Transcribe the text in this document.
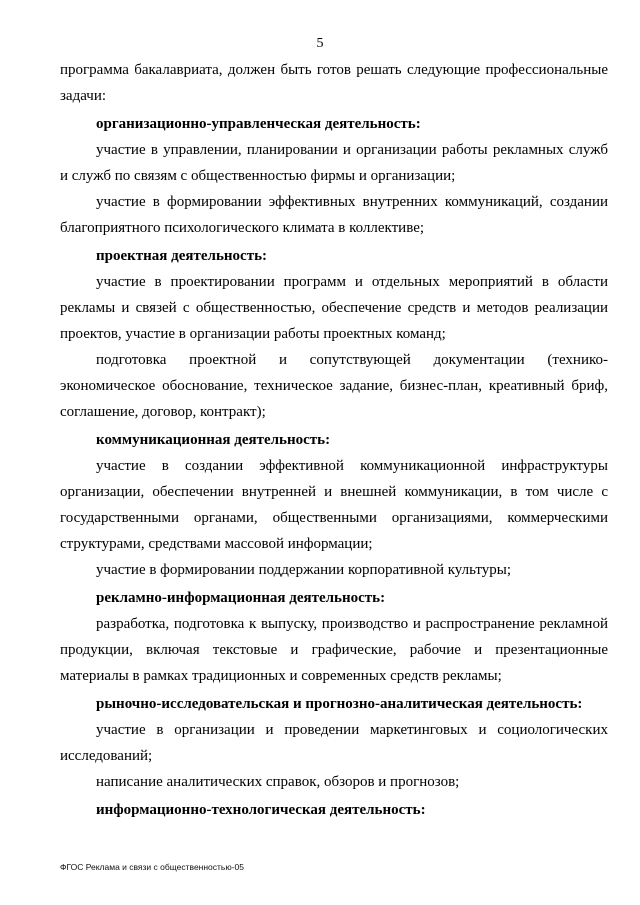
5

программа бакалавриата, должен быть готов решать следующие профессиональные задачи:

организационно-управленческая деятельность:

участие в управлении, планировании и организации работы рекламных служб и служб по связям с общественностью фирмы и организации;

участие в формировании эффективных внутренних коммуникаций, создании благоприятного психологического климата в коллективе;

проектная деятельность:

участие в проектировании программ и отдельных мероприятий в области рекламы и связей с общественностью, обеспечение средств и методов реализации проектов, участие в организации работы проектных команд;

подготовка проектной и сопутствующей документации (технико-экономическое обоснование, техническое задание, бизнес-план, креативный бриф, соглашение, договор, контракт);

коммуникационная деятельность:

участие в создании эффективной коммуникационной инфраструктуры организации, обеспечении внутренней и внешней коммуникации, в том числе с государственными органами, общественными организациями, коммерческими структурами, средствами массовой информации;

участие в формировании поддержании корпоративной культуры;

рекламно-информационная деятельность:

разработка, подготовка к выпуску, производство и распространение рекламной продукции, включая текстовые и графические, рабочие и презентационные материалы в рамках традиционных и современных средств рекламы;

рыночно-исследовательская и прогнозно-аналитическая деятельность:

участие в организации и проведении маркетинговых и социологических исследований;

написание аналитических справок, обзоров и прогнозов;

информационно-технологическая деятельность:

ФГОС Реклама и связи с общественностью-05
